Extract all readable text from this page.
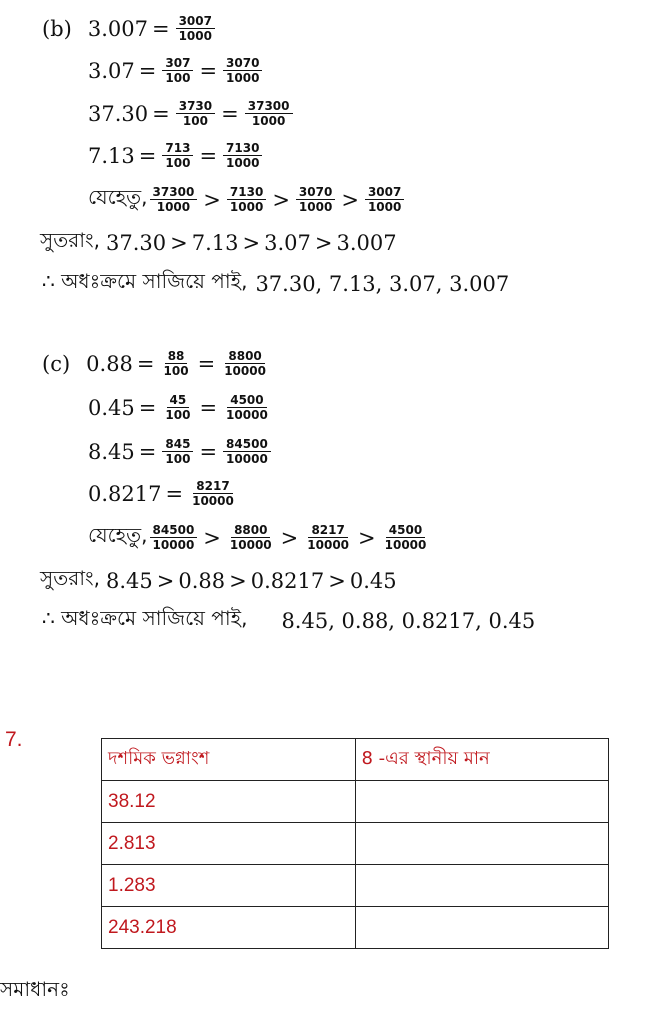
(b) $3.007 = \frac{3007}{1000}$
$3.07 = \frac{307}{100} = \frac{3070}{1000}$
$37.30 = \frac{3730}{100} = \frac{37300}{1000}$
$7.13 = \frac{713}{100} = \frac{7130}{1000}$
যেহেতু, $\frac{37300}{1000} > \frac{7130}{1000} > \frac{3070}{1000} > \frac{3007}{1000}$
সুতরাং, 37.30 > 7.13 > 3.07 > 3.007
∴ অধঃক্রমে সাজিয়ে পাই, 37.30, 7.13, 3.07, 3.007
(c) $0.88 = \frac{88}{100} = \frac{8800}{10000}$
$0.45 = \frac{45}{100} = \frac{4500}{10000}$
$8.45 = \frac{845}{100} = \frac{84500}{10000}$
$0.8217 = \frac{8217}{10000}$
যেহেতু, $\frac{84500}{10000} > \frac{8800}{10000} > \frac{8217}{10000} > \frac{4500}{10000}$
সুতরাং, 8.45 > 0.88 > 0.8217 > 0.45
∴ অধঃক্রমে সাজিয়ে পাই, 8.45, 0.88, 0.8217, 0.45
7.
দশমিক ভগ্নাংশ	8 -এর স্থানীয় মান
38.12	
2.813	
1.283	
243.218	
সমাধানঃ
